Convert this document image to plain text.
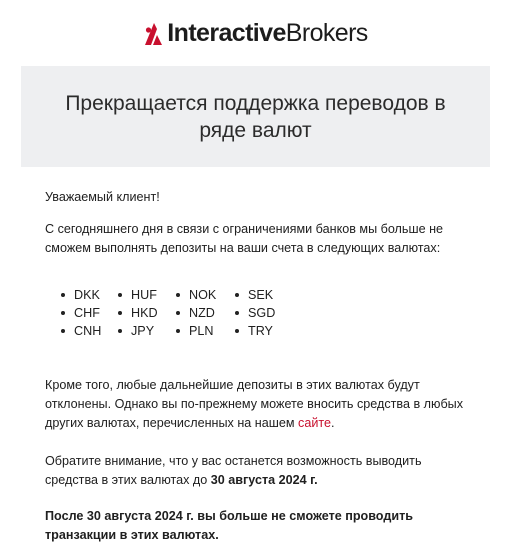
InteractiveBrokers
Прекращается поддержка переводов в ряде валют

Уважаемый клиент!

С сегодняшнего дня в связи с ограничениями банков мы больше не сможем выполнять депозиты на ваши счета в следующих валютах:

DKK HUF	NOK	SEK
CHF HKD NZD	SGD
CNH JPY	PLN	TRY

Кроме того, любые дальнейшие депозиты в этих валютах будут отклонены. Однако вы по-прежнему можете вносить средства в любых других валютах, перечисленных на нашем сайте.

Обратите внимание, что у вас останется возможность выводить средства в этих валютах до 30 августа 2024 г.

После 30 августа 2024 г. вы больше не сможете проводить транзакции в этих валютах.
